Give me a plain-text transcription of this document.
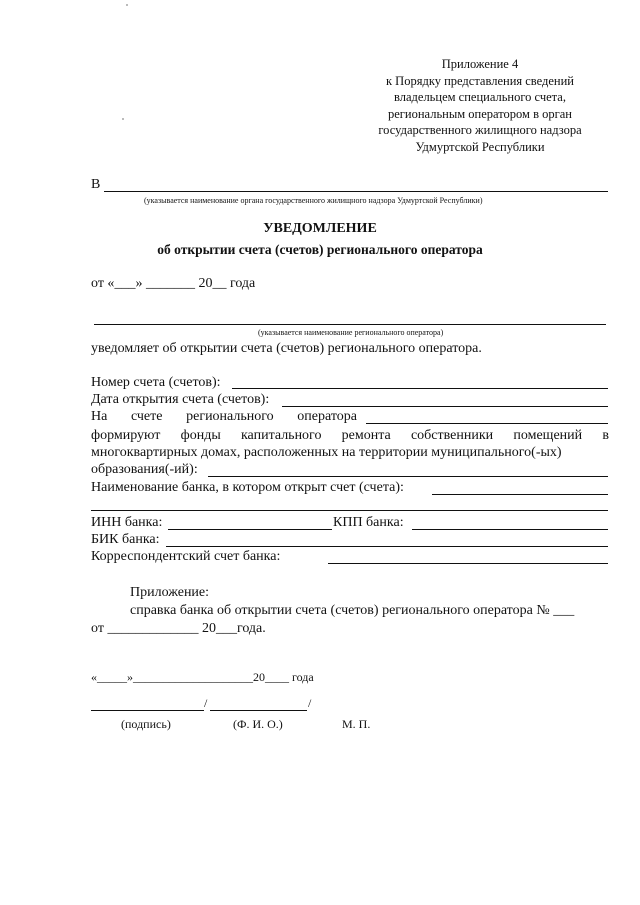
Приложение 4
к Порядку представления сведений
владельцем специального счета,
региональным оператором в орган
государственного жилищного надзора
Удмуртской Республики
В
(указывается наименование органа государственного жилищного надзора Удмуртской Республики)
УВЕДОМЛЕНИЕ
об открытии счета (счетов) регионального оператора
от «___» _______ 20__ года
(указывается наименование регионального оператора)
уведомляет об открытии счета (счетов) регионального оператора.
Номер счета (счетов):
Дата открытия счета (счетов):
На счете регионального оператора
формируют фонды капитального ремонта собственники помещений в
многоквартирных домах, расположенных на территории муниципального(-ых)
образования(-ий):
Наименование банка, в котором открыт счет (счета):
ИНН банка:	КПП банка:
БИК банка:
Корреспондентский счет банка:
Приложение:
справка банка об открытии счета (счетов) регионального оператора № ___
от _____________ 20___года.
«_____»____________________20____ года
/	/
(подпись)	(Ф. И. О.)	М. П.
